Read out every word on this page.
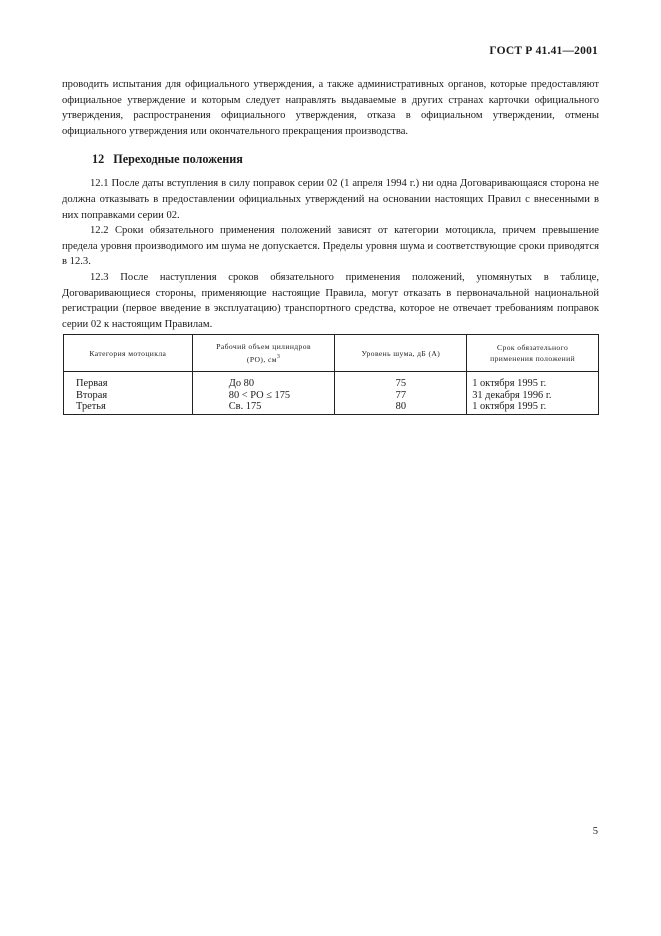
ГОСТ Р 41.41—2001

проводить испытания для официального утверждения, а также административных органов, которые предоставляют официальное утверждение и которым следует направлять выдаваемые в других странах карточки официального утверждения, распространения официального утверждения, отказа в официальном утверждении, отмены официального утверждения или окончательного прекращения производства.

12 Переходные положения

12.1 После даты вступления в силу поправок серии 02 (1 апреля 1994 г.) ни одна Договаривающаяся сторона не должна отказывать в предоставлении официальных утверждений на основании настоящих Правил с внесенными в них поправками серии 02.

12.2 Сроки обязательного применения положений зависят от категории мотоцикла, причем превышение предела уровня производимого им шума не допускается. Пределы уровня шума и соответствующие сроки приводятся в 12.3.

12.3 После наступления сроков обязательного применения положений, упомянутых в таблице, Договаривающиеся стороны, применяющие настоящие Правила, могут отказать в первоначальной национальной регистрации (первое введение в эксплуатацию) транспортного средства, которое не отвечает требованиям поправок серии 02 к настоящим Правилам.

Категория мотоцикла	Рабочий объем цилиндров
(РО), $см^3$	Уровень шума, дБ (А)	Срок обязательного
применения положений
Первая	До 80	75	1 октября 1995 г.
Вторая	80 < РО ≤ 175	77	31 декабря 1996 г.
Третья	Св. 175	80	1 октября 1995 г.
5
